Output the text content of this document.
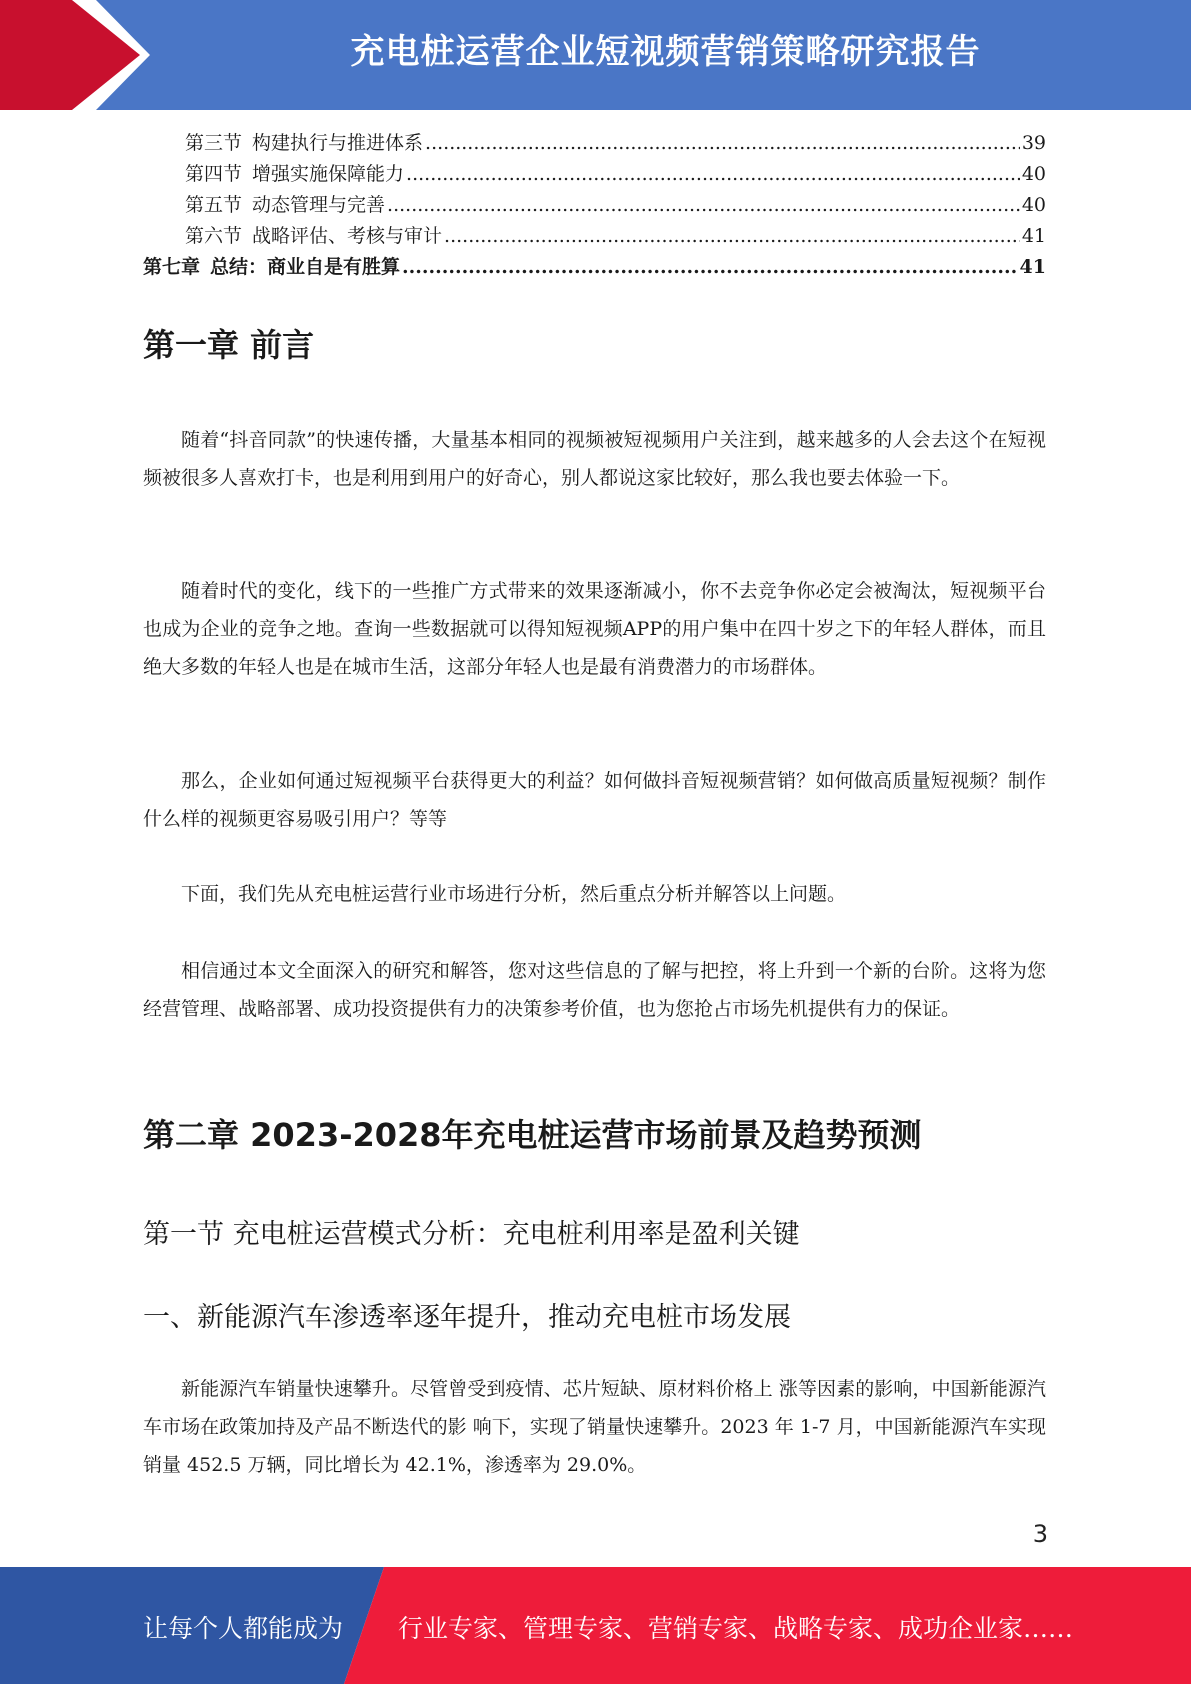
充电桩运营企业短视频营销策略研究报告
第三节 构建执行与推进体系 .....	39
第四节 增强实施保障能力 .....	40
第五节 动态管理与完善 .....	40
第六节 战略评估、考核与审计 .....	41
第七章 总结：商业自是有胜算 .....	41
第一章 前言

随着“抖音同款”的快速传播，大量基本相同的视频被短视频用户关注到，越来越多的人会去这个在短视频被很多人喜欢打卡，也是利用到用户的好奇心，别人都说这家比较好，那么我也要去体验一下。

随着时代的变化，线下的一些推广方式带来的效果逐渐减小，你不去竞争你必定会被淘汰，短视频平台也成为企业的竞争之地。查询一些数据就可以得知短视频APP的用户集中在四十岁之下的年轻人群体，而且绝大多数的年轻人也是在城市生活，这部分年轻人也是最有消费潜力的市场群体。

那么，企业如何通过短视频平台获得更大的利益？如何做抖音短视频营销？如何做高质量短视频？制作什么样的视频更容易吸引用户？等等

下面，我们先从充电桩运营行业市场进行分析，然后重点分析并解答以上问题。

相信通过本文全面深入的研究和解答，您对这些信息的了解与把控，将上升到一个新的台阶。这将为您经营管理、战略部署、成功投资提供有力的决策参考价值，也为您抢占市场先机提供有力的保证。

第二章 2023-2028年充电桩运营市场前景及趋势预测
第一节 充电桩运营模式分析：充电桩利用率是盈利关键
一、新能源汽车渗透率逐年提升，推动充电桩市场发展

新能源汽车销量快速攀升。尽管曾受到疫情、芯片短缺、原材料价格上 涨等因素的影响，中国新能源汽车市场在政策加持及产品不断迭代的影 响下，实现了销量快速攀升。2023 年 1-7 月，中国新能源汽车实现销量 452.5 万辆，同比增长为 42.1%，渗透率为 29.0%。

3
让每个人都能成为 行业专家、管理专家、营销专家、战略专家、成功企业家……
